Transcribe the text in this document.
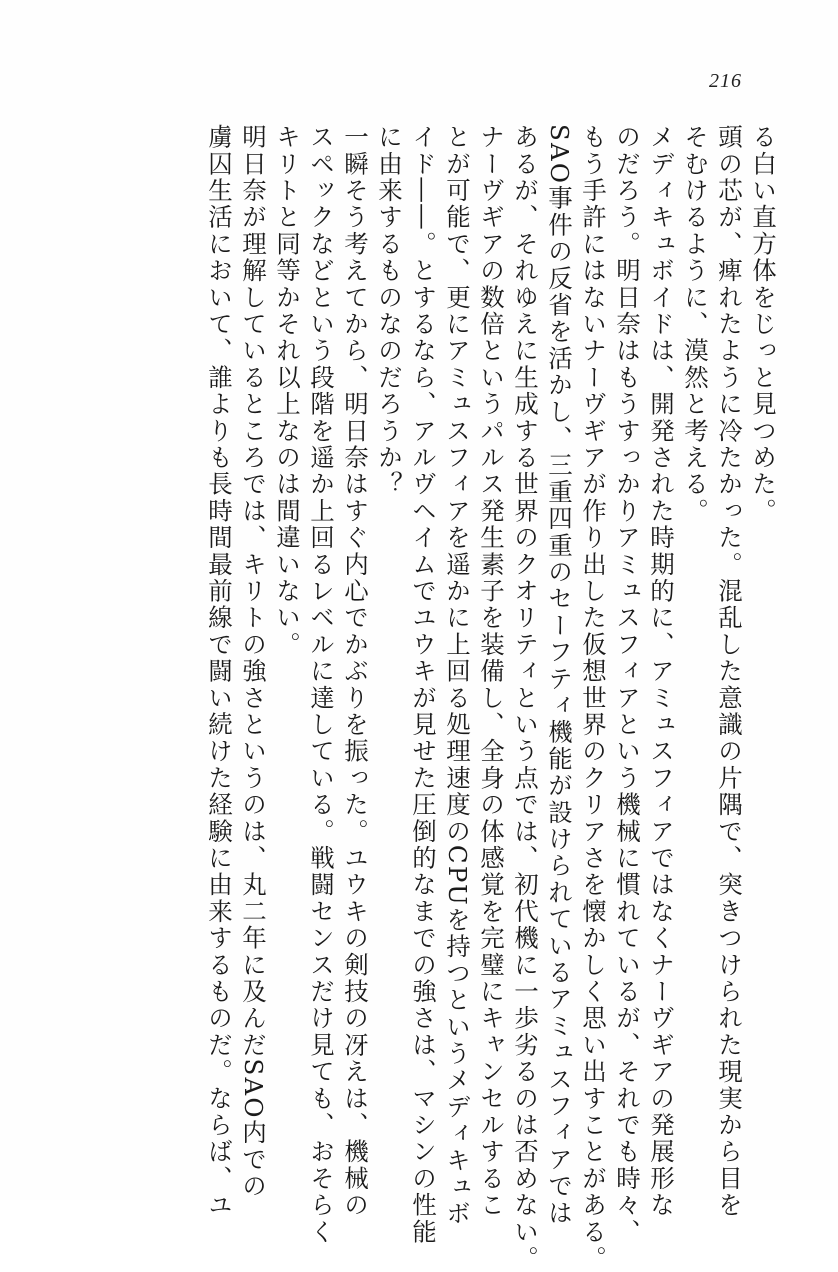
216

る白い直方体をじっと見つめた。

頭の芯が、痺れたように冷たかった。混乱した意識の片隅で、突きつけられた現実から目を

そむけるように、漠然と考える。

メディキュボイドは、開発された時期的に、アミュスフィアではなくナーヴギアの発展形な

のだろう。明日奈はもうすっかりアミュスフィアという機械に慣れているが、それでも時々、

もう手許にはないナーヴギアが作り出した仮想世界のクリアさを懐かしく思い出すことがある。

SAO事件の反省を活かし、三重四重のセーフティ機能が設けられているアミュスフィアでは

あるが、それゆえに生成する世界のクオリティという点では、初代機に一歩劣るのは否めない。

ナーヴギアの数倍というパルス発生素子を装備し、全身の体感覚を完璧にキャンセルするこ

とが可能で、更にアミュスフィアを遥かに上回る処理速度のCPUを持つというメディキュボ

イド――。とするなら、アルヴヘイムでユウキが見せた圧倒的なまでの強さは、マシンの性能

に由来するものなのだろうか？

一瞬そう考えてから、明日奈はすぐ内心でかぶりを振った。ユウキの剣技の冴えは、機械の

スペックなどという段階を遥か上回るレベルに達している。戦闘センスだけ見ても、おそらく

キリトと同等かそれ以上なのは間違いない。

明日奈が理解しているところでは、キリトの強さというのは、丸二年に及んだSAO内での

虜囚生活において、誰よりも長時間最前線で闘い続けた経験に由来するものだ。ならば、ユ
